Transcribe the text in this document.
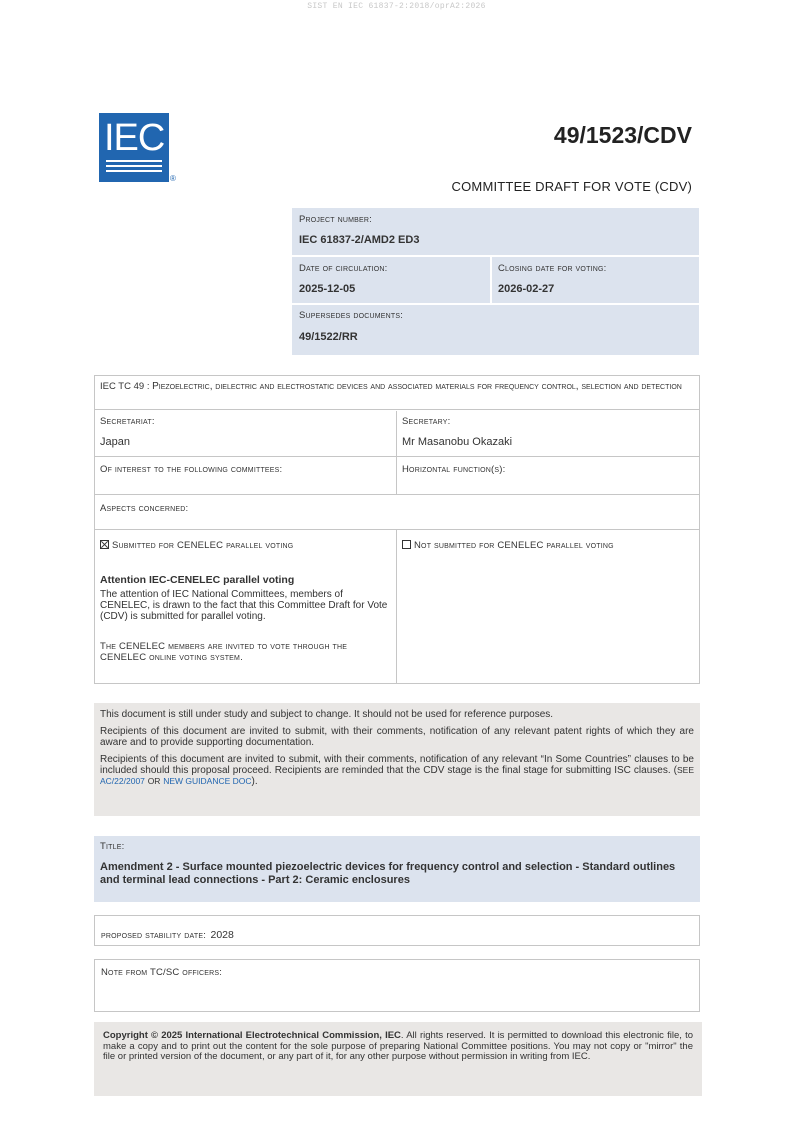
SIST EN IEC 61837-2:2018/oprA2:2026
IEC
®
49/1523/CDV
COMMITTEE DRAFT FOR VOTE (CDV)
Project number:
IEC 61837-2/AMD2 ED3
Date of circulation:
2025-12-05
Closing date for voting:
2026-02-27
Supersedes documents:
49/1522/RR
IEC TC 49 : Piezoelectric, dielectric and electrostatic devices and associated materials for frequency control, selection and detection
Secretariat:
Japan
Secretary:
Mr Masanobu Okazaki
Of interest to the following committees:	Horizontal function(s):
Aspects concerned:
Submitted for CENELEC parallel voting
Attention IEC-CENELEC parallel voting
The attention of IEC National Committees, members of CENELEC, is drawn to the fact that this Committee Draft for Vote (CDV) is submitted for parallel voting.
The CENELEC members are invited to vote through the CENELEC online voting system.
Not submitted for CENELEC parallel voting
This document is still under study and subject to change. It should not be used for reference purposes.
Recipients of this document are invited to submit, with their comments, notification of any relevant patent rights of which they are aware and to provide supporting documentation.
Recipients of this document are invited to submit, with their comments, notification of any relevant “In Some Countries” clauses to be included should this proposal proceed. Recipients are reminded that the CDV stage is the final stage for submitting ISC clauses. (SEE AC/22/2007 OR NEW GUIDANCE DOC).
Title:
Amendment 2 - Surface mounted piezoelectric devices for frequency control and selection - Standard outlines and terminal lead connections - Part 2: Ceramic enclosures
proposed stability date: 2028
Note from TC/SC officers:
Copyright © 2025 International Electrotechnical Commission, IEC. All rights reserved. It is permitted to download this electronic file, to make a copy and to print out the content for the sole purpose of preparing National Committee positions. You may not copy or "mirror" the file or printed version of the document, or any part of it, for any other purpose without permission in writing from IEC.
